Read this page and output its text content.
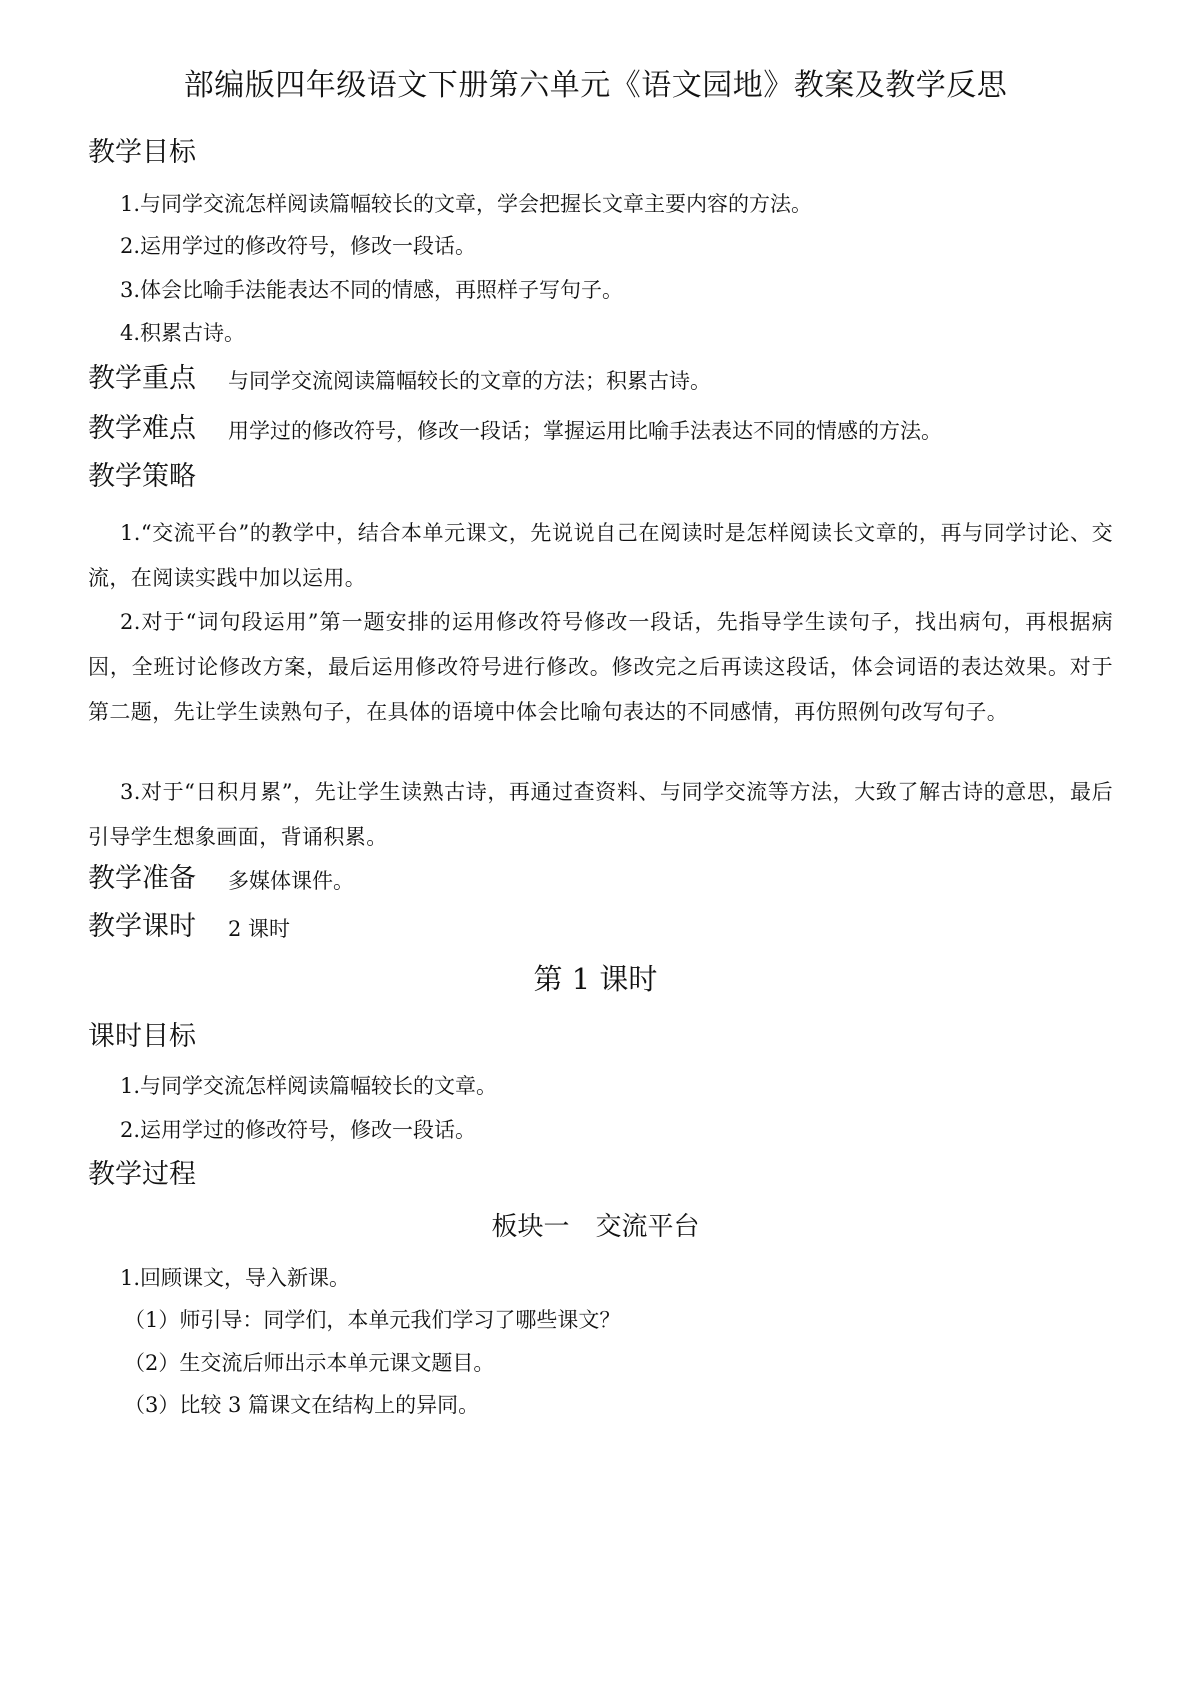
部编版四年级语文下册第六单元《语文园地》教案及教学反思
教学目标
1.与同学交流怎样阅读篇幅较长的文章，学会把握长文章主要内容的方法。
2.运用学过的修改符号，修改一段话。
3.体会比喻手法能表达不同的情感，再照样子写句子。
4.积累古诗。
教学重点 与同学交流阅读篇幅较长的文章的方法；积累古诗。
教学难点 用学过的修改符号，修改一段话；掌握运用比喻手法表达不同的情感的方法。
教学策略
1.“交流平台”的教学中，结合本单元课文，先说说自己在阅读时是怎样阅读长文章的，再与同学讨论、交流，在阅读实践中加以运用。
2.对于“词句段运用”第一题安排的运用修改符号修改一段话，先指导学生读句子，找出病句，再根据病因，全班讨论修改方案，最后运用修改符号进行修改。修改完之后再读这段话，体会词语的表达效果。对于第二题，先让学生读熟句子，在具体的语境中体会比喻句表达的不同感情，再仿照例句改写句子。
3.对于“日积月累”，先让学生读熟古诗，再通过查资料、与同学交流等方法，大致了解古诗的意思，最后引导学生想象画面，背诵积累。
教学准备 多媒体课件。
教学课时 2 课时
第 1 课时
课时目标
1.与同学交流怎样阅读篇幅较长的文章。
2.运用学过的修改符号，修改一段话。
教学过程
板块一　交流平台
1.回顾课文，导入新课。
（1）师引导：同学们，本单元我们学习了哪些课文？
（2）生交流后师出示本单元课文题目。
（3）比较 3 篇课文在结构上的异同。
